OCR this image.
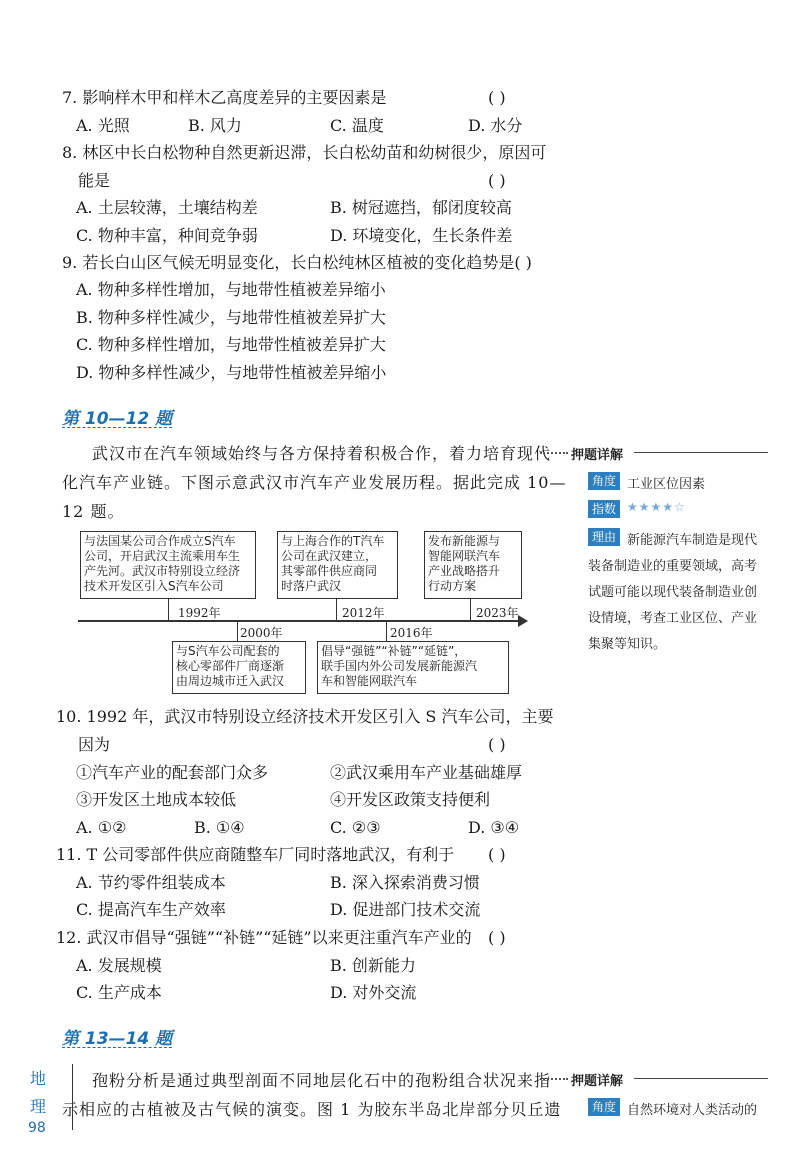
7. 影响样木甲和样木乙高度差异的主要因素是	( )
A. 光照	B. 风力	C. 温度	D. 水分
8. 林区中长白松物种自然更新迟滞，长白松幼苗和幼树很少，原因可
能是	( )
A. 土层较薄，土壤结构差	B. 树冠遮挡，郁闭度较高
C. 物种丰富，种间竞争弱	D. 环境变化，生长条件差
9. 若长白山区气候无明显变化，长白松纯林区植被的变化趋势是( )
A. 物种多样性增加，与地带性植被差异缩小
B. 物种多样性减少，与地带性植被差异扩大
C. 物种多样性增加，与地带性植被差异扩大
D. 物种多样性减少，与地带性植被差异缩小
第 10—12 题
武汉市在汽车领域始终与各方保持着积极合作，着力培育现代
化汽车产业链。下图示意武汉市汽车产业发展历程。据此完成 10—
12 题。
押题详解
角度 工业区位因素
指数 ★★★★☆
理由 新能源汽车制造是现代
装备制造业的重要领域，高考
试题可能以现代装备制造业创
设情境，考查工业区位、产业
集聚等知识。
与法国某公司合作成立S汽车
公司，开启武汉主流乘用车生
产先河。武汉市特别设立经济
技术开发区引入S汽车公司
与上海合作的T汽车
公司在武汉建立，
其零部件供应商同
时落户武汉
发布新能源与
智能网联汽车
产业战略搭升
行动方案
1992年	2012年	2023年
2000年	2016年
与S汽车公司配套的
核心零部件厂商逐渐
由周边城市迁入武汉
倡导“强链”“补链”“延链”，
联手国内外公司发展新能源汽
车和智能网联汽车
10. 1992 年，武汉市特别设立经济技术开发区引入 S 汽车公司，主要
因为	( )
①汽车产业的配套部门众多	②武汉乘用车产业基础雄厚
③开发区土地成本较低	④开发区政策支持便利
A. ①②	B. ①④	C. ②③	D. ③④
11. T 公司零部件供应商随整车厂同时落地武汉，有利于 ( )
A. 节约零件组装成本	B. 深入探索消费习惯
C. 提高汽车生产效率	D. 促进部门技术交流
12. 武汉市倡导“强链”“补链”“延链”以来更注重汽车产业的 ( )
A. 发展规模	B. 创新能力
C. 生产成本	D. 对外交流
第 13—14 题
孢粉分析是通过典型剖面不同地层化石中的孢粉组合状况来指
示相应的古植被及古气候的演变。图 1 为胶东半岛北岸部分贝丘遗
押题详解
角度 自然环境对人类活动的
地
理
98
